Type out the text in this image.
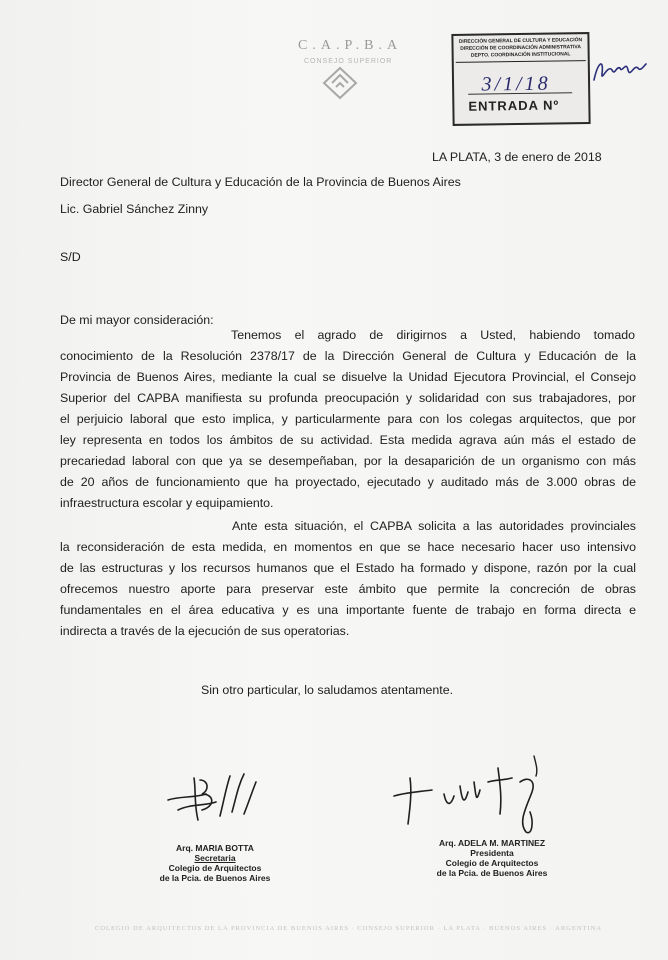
C.A.P.B.A
CONSEJO SUPERIOR
DIRECCIÓN GENERAL DE CULTURA Y EDUCACIÓN
DIRECCIÓN DE COORDINACIÓN ADMINISTRATIVA
DEPTO. COORDINACIÓN INSTITUCIONAL
3/1/18
ENTRADA Nº
LA PLATA, 3 de enero de 2018
Director General de Cultura y Educación de la Provincia de Buenos Aires
Lic. Gabriel Sánchez Zinny
S/D
De mi mayor consideración:
Tenemos el agrado de dirigirnos a Usted, habiendo tomado
conocimiento de la Resolución 2378/17 de la Dirección General de Cultura y Educación de la
Provincia de Buenos Aires, mediante la cual se disuelve la Unidad Ejecutora Provincial, el Consejo
Superior del CAPBA manifiesta su profunda preocupación y solidaridad con sus trabajadores, por
el perjuicio laboral que esto implica, y particularmente para con los colegas arquitectos, que por
ley representa en todos los ámbitos de su actividad. Esta medida agrava aún más el estado de
precariedad laboral con que ya se desempeñaban, por la desaparición de un organismo con más
de 20 años de funcionamiento que ha proyectado, ejecutado y auditado más de 3.000 obras de
infraestructura escolar y equipamiento.
Ante esta situación, el CAPBA solicita a las autoridades provinciales
la reconsideración de esta medida, en momentos en que se hace necesario hacer uso intensivo
de las estructuras y los recursos humanos que el Estado ha formado y dispone, razón por la cual
ofrecemos nuestro aporte para preservar este ámbito que permite la concreción de obras
fundamentales en el área educativa y es una importante fuente de trabajo en forma directa e
indirecta a través de la ejecución de sus operatorias.
Sin otro particular, lo saludamos atentamente.
Arq. MARIA BOTTA
Secretaria
Colegio de Arquitectos
de la Pcia. de Buenos Aires
Arq. ADELA M. MARTINEZ
Presidenta
Colegio de Arquitectos
de la Pcia. de Buenos Aires
COLEGIO DE ARQUITECTOS DE LA PROVINCIA DE BUENOS AIRES · CONSEJO SUPERIOR · LA PLATA · BUENOS AIRES · ARGENTINA
